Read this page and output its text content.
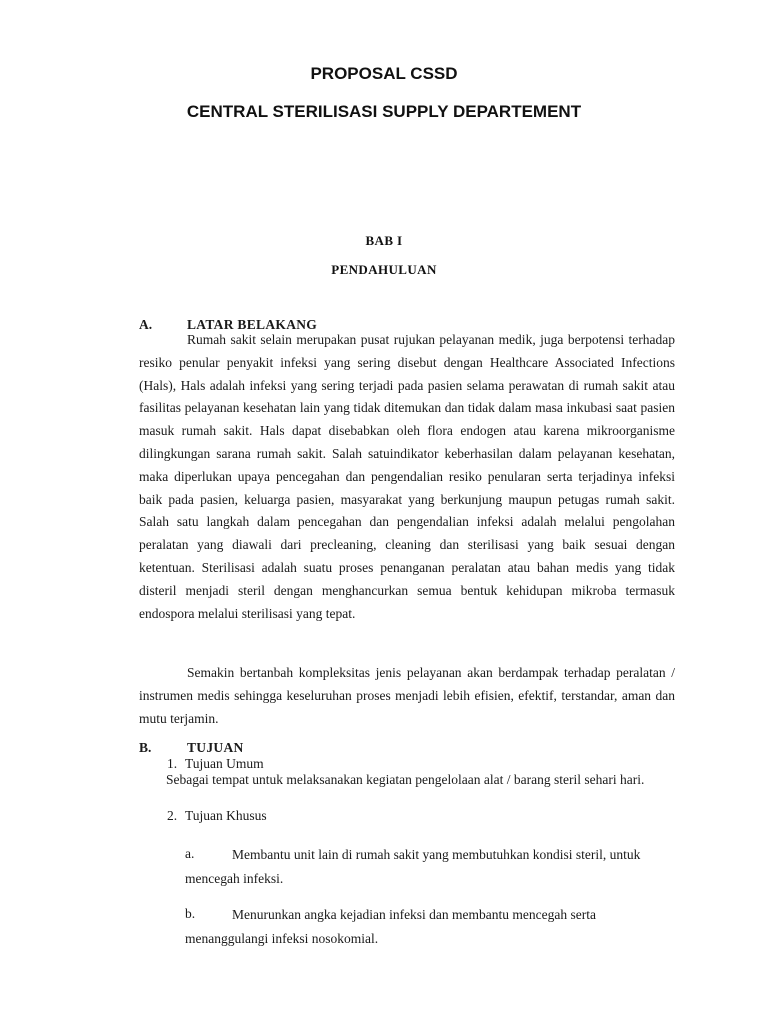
PROPOSAL CSSD
CENTRAL STERILISASI SUPPLY DEPARTEMENT
BAB I
PENDAHULUAN
A.	LATAR BELAKANG

Rumah sakit selain merupakan pusat rujukan pelayanan medik, juga berpotensi terhadap resiko penular penyakit infeksi yang sering disebut dengan Healthcare Associated Infections (Hals), Hals adalah infeksi yang sering terjadi pada pasien selama perawatan di rumah sakit atau fasilitas pelayanan kesehatan lain yang tidak ditemukan dan tidak dalam masa inkubasi saat pasien masuk rumah sakit. Hals dapat disebabkan oleh flora endogen atau karena mikroorganisme dilingkungan sarana rumah sakit. Salah satuindikator keberhasilan dalam pelayanan kesehatan, maka diperlukan upaya pencegahan dan pengendalian resiko penularan serta terjadinya infeksi baik pada pasien, keluarga pasien, masyarakat yang berkunjung maupun petugas rumah sakit. Salah satu langkah dalam pencegahan dan pengendalian infeksi adalah melalui pengolahan peralatan yang diawali dari precleaning, cleaning dan sterilisasi yang baik sesuai dengan ketentuan. Sterilisasi adalah suatu proses penanganan peralatan atau bahan medis yang tidak disteril menjadi steril dengan menghancurkan semua bentuk kehidupan mikroba termasuk endospora melalui sterilisasi yang tepat.

Semakin bertanbah kompleksitas jenis pelayanan akan berdampak terhadap peralatan / instrumen medis sehingga keseluruhan proses menjadi lebih efisien, efektif, terstandar, aman dan mutu terjamin.

B.	TUJUAN
1. Tujuan Umum

Sebagai tempat untuk melaksanakan kegiatan pengelolaan alat / barang steril sehari hari.

2. Tujuan Khusus
a.	Membantu unit lain di rumah sakit yang membutuhkan kondisi steril, untuk mencegah infeksi.

b.	Menurunkan angka kejadian infeksi dan membantu mencegah serta menanggulangi infeksi nosokomial.
